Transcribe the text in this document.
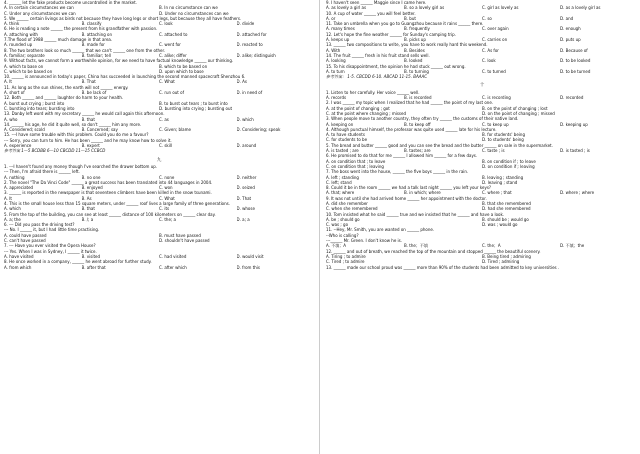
4. ______ let the fake products become uncontrolled in the market.
A. In certain circumstances we can	B. In no circumstance can we
C. Under any circumstances we can	D. Under no circumstances can we
5. We ______ certain livings as birds not because they have long legs or short legs, but because they all have feathers.
A. think	B. classify	C. look	D. divide
6. He is reading a note ______ the present from his grandfather with passion.
A. attaching with	B. attaching on	C. attached to	D. attached for
7.The flood of 1988 ______ much damage in that area.
A. rounded up	B. made for	C. went for	D. reacted to
8. The two brothers look so much ______ that we can't ______ one from the other.
A. familiar; separate	B. familiar; tell	C. alike; differ	D. alike; distinguish
9. Without facts, we cannot form a worthwhile opinion, for we need to have factual knowledge ______ our thinking.
A. which to base on	B. which to be based on
C. which to be based on	D. upon which to base
10. ______ is announced in today's paper, China has succeeded in launching the second manned spacecraft Shenzhou 6.
A. It	B. That	C. What	D. As
11. As long as the sun shines, the earth will not ______ energy.
A. short of	B. be lack of	C. run out of	D. in need of
12. Both ______ and ______ laughter do harm to your health.
A. burst out crying ; burst into	B. to burst out tears ; to burst into
C. bursting into tears; bursting into	D. bursting into crying ; bursting out
13. Danby left word with my secretary ______ he would call again this afternoon.
A. who	B. that	C. as	D. which
14. ______ his age, he did it quite well, so don't ______ him any more.
A. Considered; scold	B. Concerned; say	C. Given; blame	D. Considering; speak
15. ---I have some trouble with this problem. Could you do me a favour?
--- Sorry, you can turn to him. He has been ______ and he may know how to solve it.
A. experience	B. expert	C. skill	D. around
参考答案 1—5 BCDBB 6—10 CBCDD 11—15 CCBCD
九
1. ---I haven't found any money though I've searched the drawer bottom up.
--- Then, I'm afraid there is ______ left.
A. nothing	B. no one	C. none	D. neither
2. The novel "The Da Vinci Code" ______ a great success has been translated into 44 languages in 2004.
A. appreciated	B. enjoyed	C. won	D. seized
3. ______ is reported in the newspaper is that seventeen climbers have been killed in the snow tsunami.
A. It	B. As	C. What	D. That
4. This is the small house less than 15 square meters, under ______ roof lives a large family of three generations.
A. which	B. that	C. its	D. whose
5. From the top of the building, you can see at least ______ distance of 100 kilometers on ______ clear day.
A. a; the	B. /; a	C. the; a	D. a; a
6. --- Did you pass the driving test?
--- No. I ______ it, but I had little time practising.
A. could have passed	B. must have passed
C. can't have passed	D. shouldn't have passed
7. --- Have you ever visited the Opera House?
--- Yes. When I was in Sydney, I ______ it twice.
A. have visited	B. visited	C. had visited	D. would visit
8. He once worked in a company, ______ he went abroad for further study.
A. from which	B. after that	C. after which	D. from this
9. I haven't seen ______ Maggie since I came here.
A. as lovely a girl as	B. so a lovely girl as	C. girl as lovely as	D. as a lovely girl as
10. A cup of water ______ you will feel better.
A. or	B. but	C. so	D. and
11. Take an umbrella when you go to Guangzhou because it rains ______ there.
A. many times	B. frequently	C. over again	D. enough
12. Let's hope the fine weather ______ for Sunday's camping trip.
A. keeps up	B. picks up	C. carries on	D. puts up
13. ______ two compositions to write, you have to work really hard this weekend.
A. With	B. Besides	C. As for	D. Because of
14. The fruit ______ fresh in his fruit stand sells well.
A. looking	B. looked	C. look	D. to be looked
15. To his disappointment, the opinion he had stuck ______ out wrong.
A. to turn	B. to turning	C. to turned	D. to be turned
参考答案： 1-5. CBCDD 6-10. ABCAD 11-15. BAAAC
十
1. Listen to her carefully. Her voice ______ well.
A. records	B. is recorded	C. is recording	D. recorded
2. I was ______ my topic when I realized that he had ______ the point of my last one.
A. at the point of changing ; got	B. on the point of changing ; lost
C. at the point where changing ; missed	D. on the point of changing ; missed
3. When people move to another country, they often try ______ the customs of their native land.
A. keeping on	B. to keep off	C. to keep up	D. keeping up
4. Although punctual himself, the professor was quite used ______ late for his lecture.
A. to have students	B. for students' being
C. for students to be	D. to students' being
5. The bread and butter ______ good and you can see the bread and the butter ______ on sale in the supermarket.
A. is tasted ; are	B. tastes; are	C. taste ; is	D. is tasted ; is
6. He promised to do that for me ______ I allowed him ______ for a few days.
A. on condition that ; to leave	B. on condition if ; to leave
C. on condition that ; leaving	D. on condition if ; leaving
7. The boss went into the house, ______ the five boys ______ in the rain.
A. left ; standing	B. leaving ; standing
C. left; stand	D. leaving ; stand
8. Could it be in the room ______ we had a talk last night ______ you left your keys?
A. that; where	B. in which; where	C. where ; that	D. where ; where
9. It was not until she had arrived home ______ her appointment with the doctor.
A. did she remember	B. that she remembered
C. when she remembered	D. had she remembered
10. Tom insisted what he said ______ true and we insisted that he ______ and have a look.
A. be ; should go	B. should be ; would go
C. was ; go	D. was ; would go
11. --Hey, Mr. Smith, you are wanted on ______ phone.
--Who is calling?
---______ Mr. Green. I don't know he is.
A. 不填；A	B. the；不填	C. the；A	D. 不填；the
12. ______ and out of breath, we reached the top of the mountain and stopped ______ the beautiful scenery.
A. Tiring ; to admire	B. Being tired ; admiring
C. Tired ; to admire	D. Tired ; admiring
13. ______ made our school proud was ______ more than 90% of the students had been admitted to key universities .
